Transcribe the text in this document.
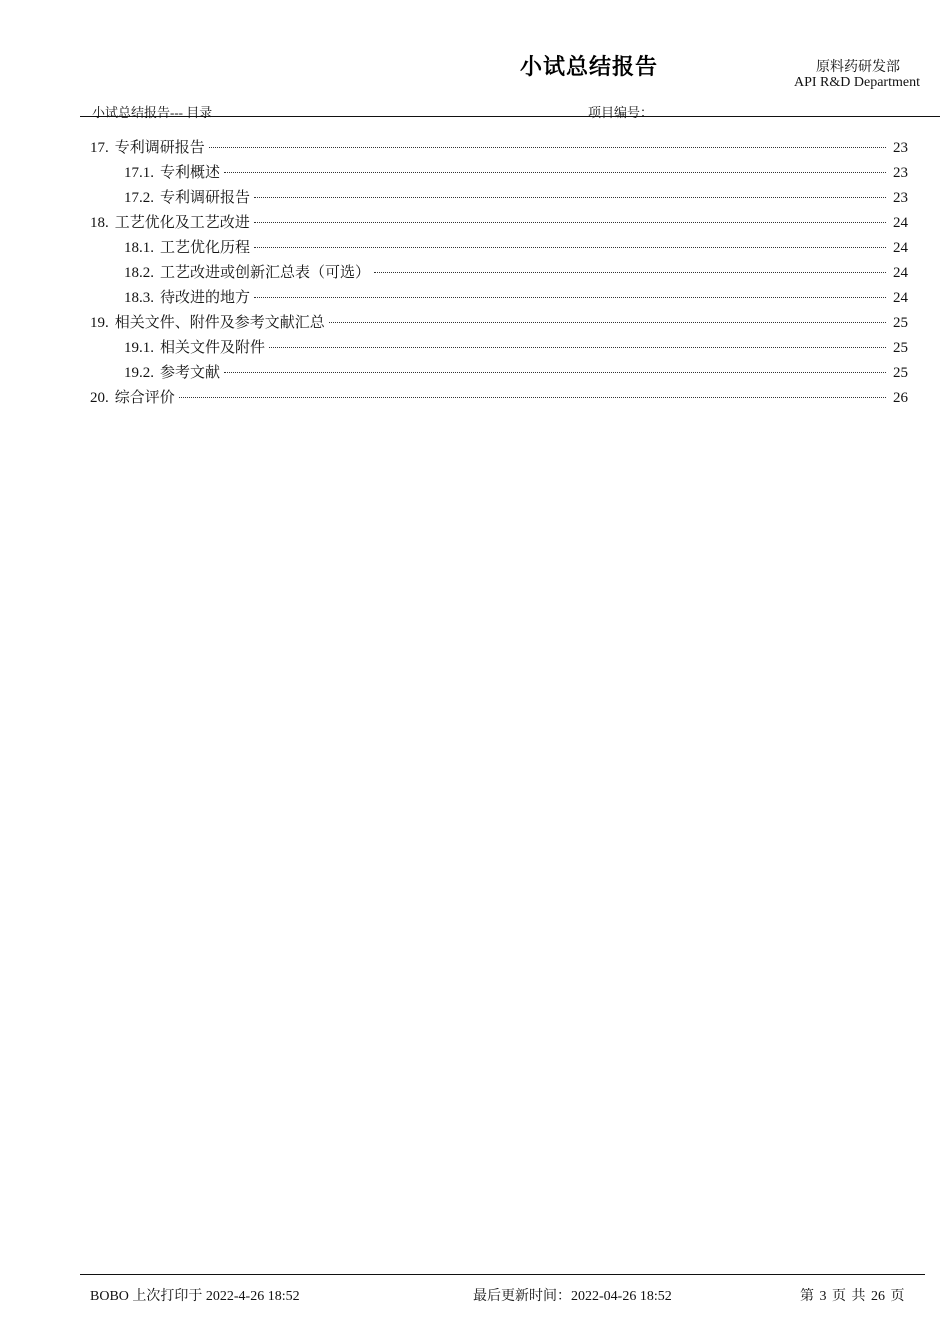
小试总结报告	原料药研发部
API R&D Department
小试总结报告--- 目录	项目编号：
17. 专利调研报告	23
17.1. 专利概述	23
17.2. 专利调研报告	23
18. 工艺优化及工艺改进	24
18.1. 工艺优化历程	24
18.2. 工艺改进或创新汇总表（可选）	24
18.3. 待改进的地方	24
19. 相关文件、附件及参考文献汇总	25
19.1. 相关文件及附件	25
19.2. 参考文献	25
20. 综合评价	26
BOBO 上次打印于 2022-4-26 18:52	最后更新时间：2022-04-26 18:52	第 3 页 共 26 页
